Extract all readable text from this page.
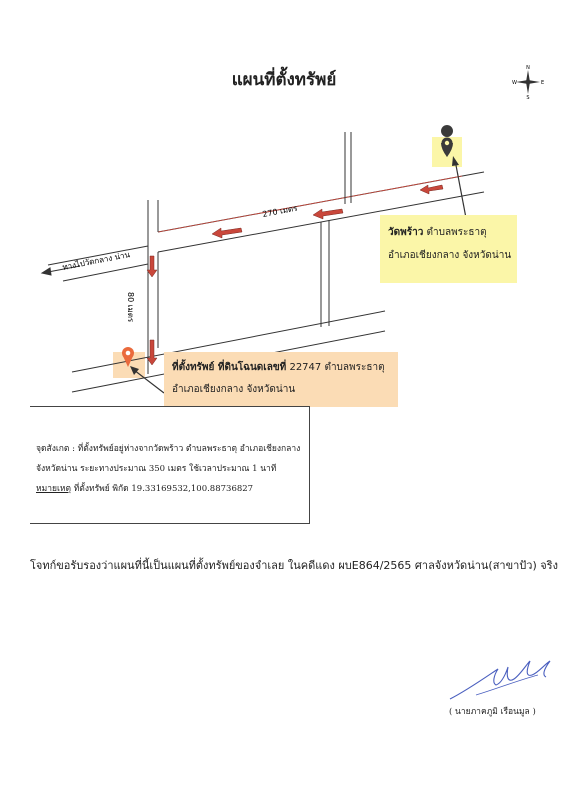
แผนที่ตั้งทรัพย์
N
S
W	E
ทางไปวัดกลาง น่าน
270 เมตร
80 เมตร
วัดพร้าว ตำบลพระธาตุ
อำเภอเชียงกลาง จังหวัดน่าน
ที่ตั้งทรัพย์ ที่ดินโฉนดเลขที่ 22747 ตำบลพระธาตุ
อำเภอเชียงกลาง จังหวัดน่าน
จุดสังเกต : ที่ตั้งทรัพย์อยู่ห่างจากวัดพร้าว ตำบลพระธาตุ อำเภอเชียงกลาง
จังหวัดน่าน ระยะทางประมาณ 350 เมตร ใช้เวลาประมาณ 1 นาที
หมายเหตุ ที่ตั้งทรัพย์ พิกัด 19.33169532,100.88736827
โจทก์ขอรับรองว่าแผนที่นี้เป็นแผนที่ตั้งทรัพย์ของจำเลย ในคดีแดง ผบE864/2565 ศาลจังหวัดน่าน(สาขาปัว) จริง
( นายภาคภูมิ เรือนมูล )
